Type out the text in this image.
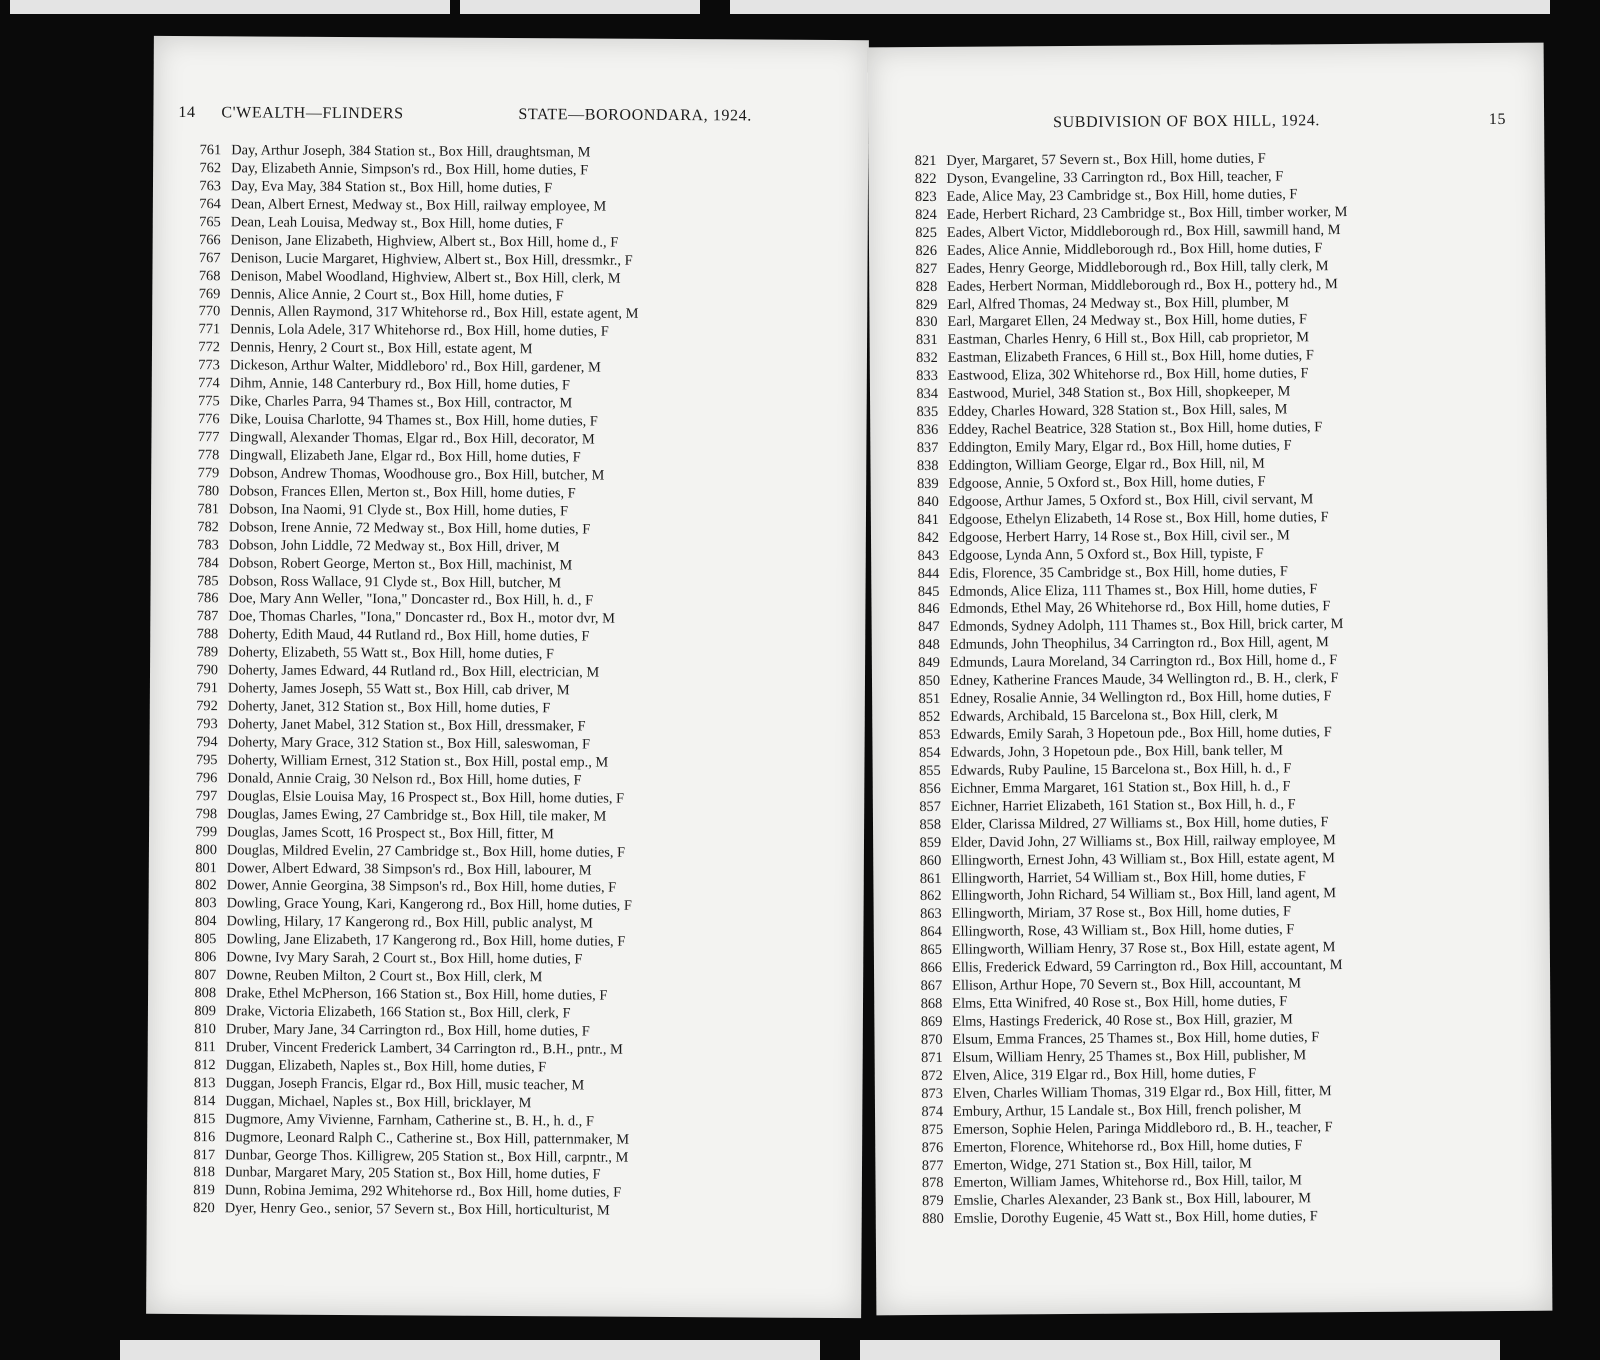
14 C'WEALTH—FLINDERS	STATE—BOROONDARA, 1924.
761 Day, Arthur Joseph, 384 Station st., Box Hill, draughtsman, M
762 Day, Elizabeth Annie, Simpson's rd., Box Hill, home duties, F
763 Day, Eva May, 384 Station st., Box Hill, home duties, F
764 Dean, Albert Ernest, Medway st., Box Hill, railway employee, M
765 Dean, Leah Louisa, Medway st., Box Hill, home duties, F
766 Denison, Jane Elizabeth, Highview, Albert st., Box Hill, home d., F
767 Denison, Lucie Margaret, Highview, Albert st., Box Hill, dressmkr., F
768 Denison, Mabel Woodland, Highview, Albert st., Box Hill, clerk, M
769 Dennis, Alice Annie, 2 Court st., Box Hill, home duties, F
770 Dennis, Allen Raymond, 317 Whitehorse rd., Box Hill, estate agent, M
771 Dennis, Lola Adele, 317 Whitehorse rd., Box Hill, home duties, F
772 Dennis, Henry, 2 Court st., Box Hill, estate agent, M
773 Dickeson, Arthur Walter, Middleboro' rd., Box Hill, gardener, M
774 Dihm, Annie, 148 Canterbury rd., Box Hill, home duties, F
775 Dike, Charles Parra, 94 Thames st., Box Hill, contractor, M
776 Dike, Louisa Charlotte, 94 Thames st., Box Hill, home duties, F
777 Dingwall, Alexander Thomas, Elgar rd., Box Hill, decorator, M
778 Dingwall, Elizabeth Jane, Elgar rd., Box Hill, home duties, F
779 Dobson, Andrew Thomas, Woodhouse gro., Box Hill, butcher, M
780 Dobson, Frances Ellen, Merton st., Box Hill, home duties, F
781 Dobson, Ina Naomi, 91 Clyde st., Box Hill, home duties, F
782 Dobson, Irene Annie, 72 Medway st., Box Hill, home duties, F
783 Dobson, John Liddle, 72 Medway st., Box Hill, driver, M
784 Dobson, Robert George, Merton st., Box Hill, machinist, M
785 Dobson, Ross Wallace, 91 Clyde st., Box Hill, butcher, M
786 Doe, Mary Ann Weller, "Iona," Doncaster rd., Box Hill, h. d., F
787 Doe, Thomas Charles, "Iona," Doncaster rd., Box H., motor dvr, M
788 Doherty, Edith Maud, 44 Rutland rd., Box Hill, home duties, F
789 Doherty, Elizabeth, 55 Watt st., Box Hill, home duties, F
790 Doherty, James Edward, 44 Rutland rd., Box Hill, electrician, M
791 Doherty, James Joseph, 55 Watt st., Box Hill, cab driver, M
792 Doherty, Janet, 312 Station st., Box Hill, home duties, F
793 Doherty, Janet Mabel, 312 Station st., Box Hill, dressmaker, F
794 Doherty, Mary Grace, 312 Station st., Box Hill, saleswoman, F
795 Doherty, William Ernest, 312 Station st., Box Hill, postal emp., M
796 Donald, Annie Craig, 30 Nelson rd., Box Hill, home duties, F
797 Douglas, Elsie Louisa May, 16 Prospect st., Box Hill, home duties, F
798 Douglas, James Ewing, 27 Cambridge st., Box Hill, tile maker, M
799 Douglas, James Scott, 16 Prospect st., Box Hill, fitter, M
800 Douglas, Mildred Evelin, 27 Cambridge st., Box Hill, home duties, F
801 Dower, Albert Edward, 38 Simpson's rd., Box Hill, labourer, M
802 Dower, Annie Georgina, 38 Simpson's rd., Box Hill, home duties, F
803 Dowling, Grace Young, Kari, Kangerong rd., Box Hill, home duties, F
804 Dowling, Hilary, 17 Kangerong rd., Box Hill, public analyst, M
805 Dowling, Jane Elizabeth, 17 Kangerong rd., Box Hill, home duties, F
806 Downe, Ivy Mary Sarah, 2 Court st., Box Hill, home duties, F
807 Downe, Reuben Milton, 2 Court st., Box Hill, clerk, M
808 Drake, Ethel McPherson, 166 Station st., Box Hill, home duties, F
809 Drake, Victoria Elizabeth, 166 Station st., Box Hill, clerk, F
810 Druber, Mary Jane, 34 Carrington rd., Box Hill, home duties, F
811 Druber, Vincent Frederick Lambert, 34 Carrington rd., B.H., pntr., M
812 Duggan, Elizabeth, Naples st., Box Hill, home duties, F
813 Duggan, Joseph Francis, Elgar rd., Box Hill, music teacher, M
814 Duggan, Michael, Naples st., Box Hill, bricklayer, M
815 Dugmore, Amy Vivienne, Farnham, Catherine st., B. H., h. d., F
816 Dugmore, Leonard Ralph C., Catherine st., Box Hill, patternmaker, M
817 Dunbar, George Thos. Killigrew, 205 Station st., Box Hill, carpntr., M
818 Dunbar, Margaret Mary, 205 Station st., Box Hill, home duties, F
819 Dunn, Robina Jemima, 292 Whitehorse rd., Box Hill, home duties, F
820 Dyer, Henry Geo., senior, 57 Severn st., Box Hill, horticulturist, M
SUBDIVISION OF BOX HILL, 1924.	15
821 Dyer, Margaret, 57 Severn st., Box Hill, home duties, F
822 Dyson, Evangeline, 33 Carrington rd., Box Hill, teacher, F
823 Eade, Alice May, 23 Cambridge st., Box Hill, home duties, F
824 Eade, Herbert Richard, 23 Cambridge st., Box Hill, timber worker, M
825 Eades, Albert Victor, Middleborough rd., Box Hill, sawmill hand, M
826 Eades, Alice Annie, Middleborough rd., Box Hill, home duties, F
827 Eades, Henry George, Middleborough rd., Box Hill, tally clerk, M
828 Eades, Herbert Norman, Middleborough rd., Box H., pottery hd., M
829 Earl, Alfred Thomas, 24 Medway st., Box Hill, plumber, M
830 Earl, Margaret Ellen, 24 Medway st., Box Hill, home duties, F
831 Eastman, Charles Henry, 6 Hill st., Box Hill, cab proprietor, M
832 Eastman, Elizabeth Frances, 6 Hill st., Box Hill, home duties, F
833 Eastwood, Eliza, 302 Whitehorse rd., Box Hill, home duties, F
834 Eastwood, Muriel, 348 Station st., Box Hill, shopkeeper, M
835 Eddey, Charles Howard, 328 Station st., Box Hill, sales, M
836 Eddey, Rachel Beatrice, 328 Station st., Box Hill, home duties, F
837 Eddington, Emily Mary, Elgar rd., Box Hill, home duties, F
838 Eddington, William George, Elgar rd., Box Hill, nil, M
839 Edgoose, Annie, 5 Oxford st., Box Hill, home duties, F
840 Edgoose, Arthur James, 5 Oxford st., Box Hill, civil servant, M
841 Edgoose, Ethelyn Elizabeth, 14 Rose st., Box Hill, home duties, F
842 Edgoose, Herbert Harry, 14 Rose st., Box Hill, civil ser., M
843 Edgoose, Lynda Ann, 5 Oxford st., Box Hill, typiste, F
844 Edis, Florence, 35 Cambridge st., Box Hill, home duties, F
845 Edmonds, Alice Eliza, 111 Thames st., Box Hill, home duties, F
846 Edmonds, Ethel May, 26 Whitehorse rd., Box Hill, home duties, F
847 Edmonds, Sydney Adolph, 111 Thames st., Box Hill, brick carter, M
848 Edmunds, John Theophilus, 34 Carrington rd., Box Hill, agent, M
849 Edmunds, Laura Moreland, 34 Carrington rd., Box Hill, home d., F
850 Edney, Katherine Frances Maude, 34 Wellington rd., B. H., clerk, F
851 Edney, Rosalie Annie, 34 Wellington rd., Box Hill, home duties, F
852 Edwards, Archibald, 15 Barcelona st., Box Hill, clerk, M
853 Edwards, Emily Sarah, 3 Hopetoun pde., Box Hill, home duties, F
854 Edwards, John, 3 Hopetoun pde., Box Hill, bank teller, M
855 Edwards, Ruby Pauline, 15 Barcelona st., Box Hill, h. d., F
856 Eichner, Emma Margaret, 161 Station st., Box Hill, h. d., F
857 Eichner, Harriet Elizabeth, 161 Station st., Box Hill, h. d., F
858 Elder, Clarissa Mildred, 27 Williams st., Box Hill, home duties, F
859 Elder, David John, 27 Williams st., Box Hill, railway employee, M
860 Ellingworth, Ernest John, 43 William st., Box Hill, estate agent, M
861 Ellingworth, Harriet, 54 William st., Box Hill, home duties, F
862 Ellingworth, John Richard, 54 William st., Box Hill, land agent, M
863 Ellingworth, Miriam, 37 Rose st., Box Hill, home duties, F
864 Ellingworth, Rose, 43 William st., Box Hill, home duties, F
865 Ellingworth, William Henry, 37 Rose st., Box Hill, estate agent, M
866 Ellis, Frederick Edward, 59 Carrington rd., Box Hill, accountant, M
867 Ellison, Arthur Hope, 70 Severn st., Box Hill, accountant, M
868 Elms, Etta Winifred, 40 Rose st., Box Hill, home duties, F
869 Elms, Hastings Frederick, 40 Rose st., Box Hill, grazier, M
870 Elsum, Emma Frances, 25 Thames st., Box Hill, home duties, F
871 Elsum, William Henry, 25 Thames st., Box Hill, publisher, M
872 Elven, Alice, 319 Elgar rd., Box Hill, home duties, F
873 Elven, Charles William Thomas, 319 Elgar rd., Box Hill, fitter, M
874 Embury, Arthur, 15 Landale st., Box Hill, french polisher, M
875 Emerson, Sophie Helen, Paringa Middleboro rd., B. H., teacher, F
876 Emerton, Florence, Whitehorse rd., Box Hill, home duties, F
877 Emerton, Widge, 271 Station st., Box Hill, tailor, M
878 Emerton, William James, Whitehorse rd., Box Hill, tailor, M
879 Emslie, Charles Alexander, 23 Bank st., Box Hill, labourer, M
880 Emslie, Dorothy Eugenie, 45 Watt st., Box Hill, home duties, F
